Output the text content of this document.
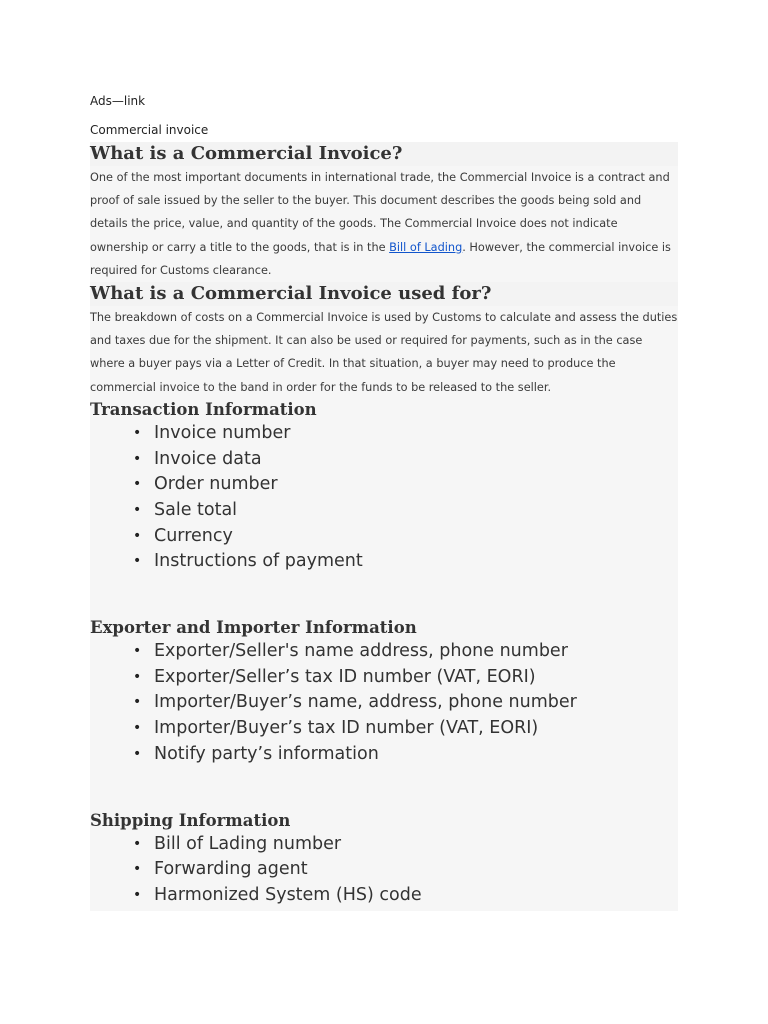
Ads—link

Commercial invoice

What is a Commercial Invoice?

One of the most important documents in international trade, the Commercial Invoice is a contract and proof of sale issued by the seller to the buyer. This document describes the goods being sold and details the price, value, and quantity of the goods. The Commercial Invoice does not indicate ownership or carry a title to the goods, that is in the Bill of Lading. However, the commercial invoice is required for Customs clearance.

What is a Commercial Invoice used for?

The breakdown of costs on a Commercial Invoice is used by Customs to calculate and assess the duties and taxes due for the shipment. It can also be used or required for payments, such as in the case where a buyer pays via a Letter of Credit. In that situation, a buyer may need to produce the commercial invoice to the band in order for the funds to be released to the seller.

Transaction Information
• Invoice number
• Invoice data
• Order number
• Sale total
• Currency
• Instructions of payment
Exporter and Importer Information
• Exporter/Seller's name address, phone number
• Exporter/Seller’s tax ID number (VAT, EORI)
• Importer/Buyer’s name, address, phone number
• Importer/Buyer’s tax ID number (VAT, EORI)
• Notify party’s information
Shipping Information
• Bill of Lading number
• Forwarding agent
• Harmonized System (HS) code
